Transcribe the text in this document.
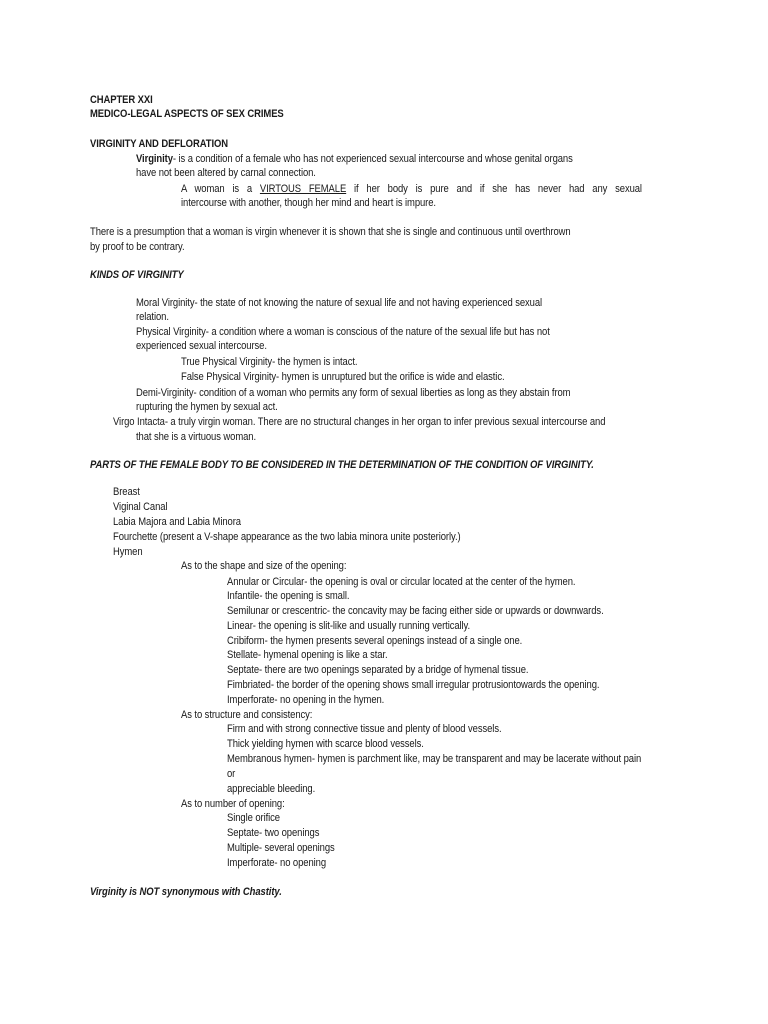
CHAPTER XXI
MEDICO-LEGAL ASPECTS OF SEX CRIMES
VIRGINITY AND DEFLORATION
Virginity- is a condition of a female who has not experienced sexual intercourse and whose genital organs
have not been altered by carnal connection.
A woman is a VIRTOUS FEMALE if her body is pure and if she has never had any sexual
intercourse with another, though her mind and heart is impure.
There is a presumption that a woman is virgin whenever it is shown that she is single and continuous until overthrown
by proof to be contrary.
KINDS OF VIRGINITY
Moral Virginity- the state of not knowing the nature of sexual life and not having experienced sexual
relation.
Physical Virginity- a condition where a woman is conscious of the nature of the sexual life but has not
experienced sexual intercourse.
True Physical Virginity- the hymen is intact.
False Physical Virginity- hymen is unruptured but the orifice is wide and elastic.
Demi-Virginity- condition of a woman who permits any form of sexual liberties as long as they abstain from
rupturing the hymen by sexual act.
Virgo Intacta- a truly virgin woman. There are no structural changes in her organ to infer previous sexual intercourse and
that she is a virtuous woman.
PARTS OF THE FEMALE BODY TO BE CONSIDERED IN THE DETERMINATION OF THE CONDITION OF VIRGINITY.
Breast
Viginal Canal
Labia Majora and Labia Minora
Fourchette (present a V-shape appearance as the two labia minora unite posteriorly.)
Hymen
As to the shape and size of the opening:
Annular or Circular- the opening is oval or circular located at the center of the hymen.
Infantile- the opening is small.
Semilunar or crescentric- the concavity may be facing either side or upwards or downwards.
Linear- the opening is slit-like and usually running vertically.
Cribiform- the hymen presents several openings instead of a single one.
Stellate- hymenal opening is like a star.
Septate- there are two openings separated by a bridge of hymenal tissue.
Fimbriated- the border of the opening shows small irregular protrusiontowards the opening.
Imperforate- no opening in the hymen.
As to structure and consistency:
Firm and with strong connective tissue and plenty of blood vessels.
Thick yielding hymen with scarce blood vessels.
Membranous hymen- hymen is parchment like, may be transparent and may be lacerate without pain
or
appreciable bleeding.
As to number of opening:
Single orifice
Septate- two openings
Multiple- several openings
Imperforate- no opening
Virginity is NOT synonymous with Chastity.
